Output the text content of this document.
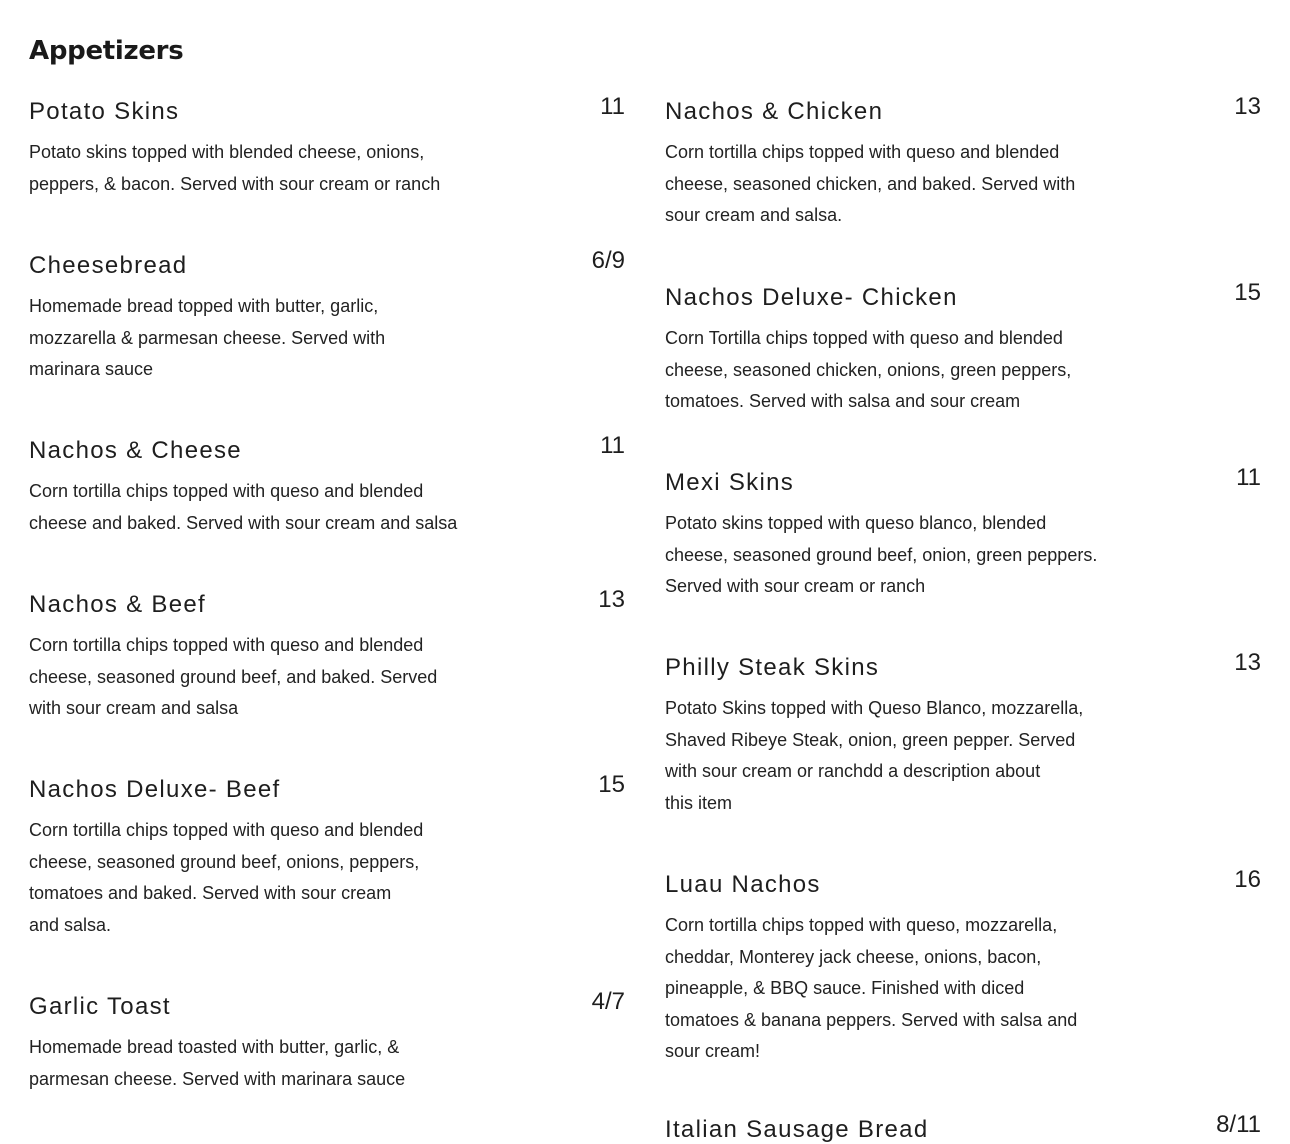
Appetizers
Potato Skins	11

Potato skins topped with blended cheese, onions,
peppers, & bacon. Served with sour cream or ranch

Cheesebread	6/9

Homemade bread topped with butter, garlic,
mozzarella & parmesan cheese. Served with
marinara sauce

Nachos & Cheese	11

Corn tortilla chips topped with queso and blended
cheese and baked. Served with sour cream and salsa

Nachos & Beef	13

Corn tortilla chips topped with queso and blended
cheese, seasoned ground beef, and baked. Served
with sour cream and salsa

Nachos Deluxe- Beef	15

Corn tortilla chips topped with queso and blended
cheese, seasoned ground beef, onions, peppers,
tomatoes and baked. Served with sour cream
and salsa.

Garlic Toast	4/7

Homemade bread toasted with butter, garlic, &
parmesan cheese. Served with marinara sauce

Nachos & Chicken	13

Corn tortilla chips topped with queso and blended
cheese, seasoned chicken, and baked. Served with
sour cream and salsa.

Nachos Deluxe- Chicken	15

Corn Tortilla chips topped with queso and blended
cheese, seasoned chicken, onions, green peppers,
tomatoes. Served with salsa and sour cream

Mexi Skins	11

Potato skins topped with queso blanco, blended
cheese, seasoned ground beef, onion, green peppers.
Served with sour cream or ranch

Philly Steak Skins	13

Potato Skins topped with Queso Blanco, mozzarella,
Shaved Ribeye Steak, onion, green pepper. Served
with sour cream or ranchdd a description about
this item

Luau Nachos	16

Corn tortilla chips topped with queso, mozzarella,
cheddar, Monterey jack cheese, onions, bacon,
pineapple, & BBQ sauce. Finished with diced
tomatoes & banana peppers. Served with salsa and
sour cream!

Italian Sausage Bread	8/11
